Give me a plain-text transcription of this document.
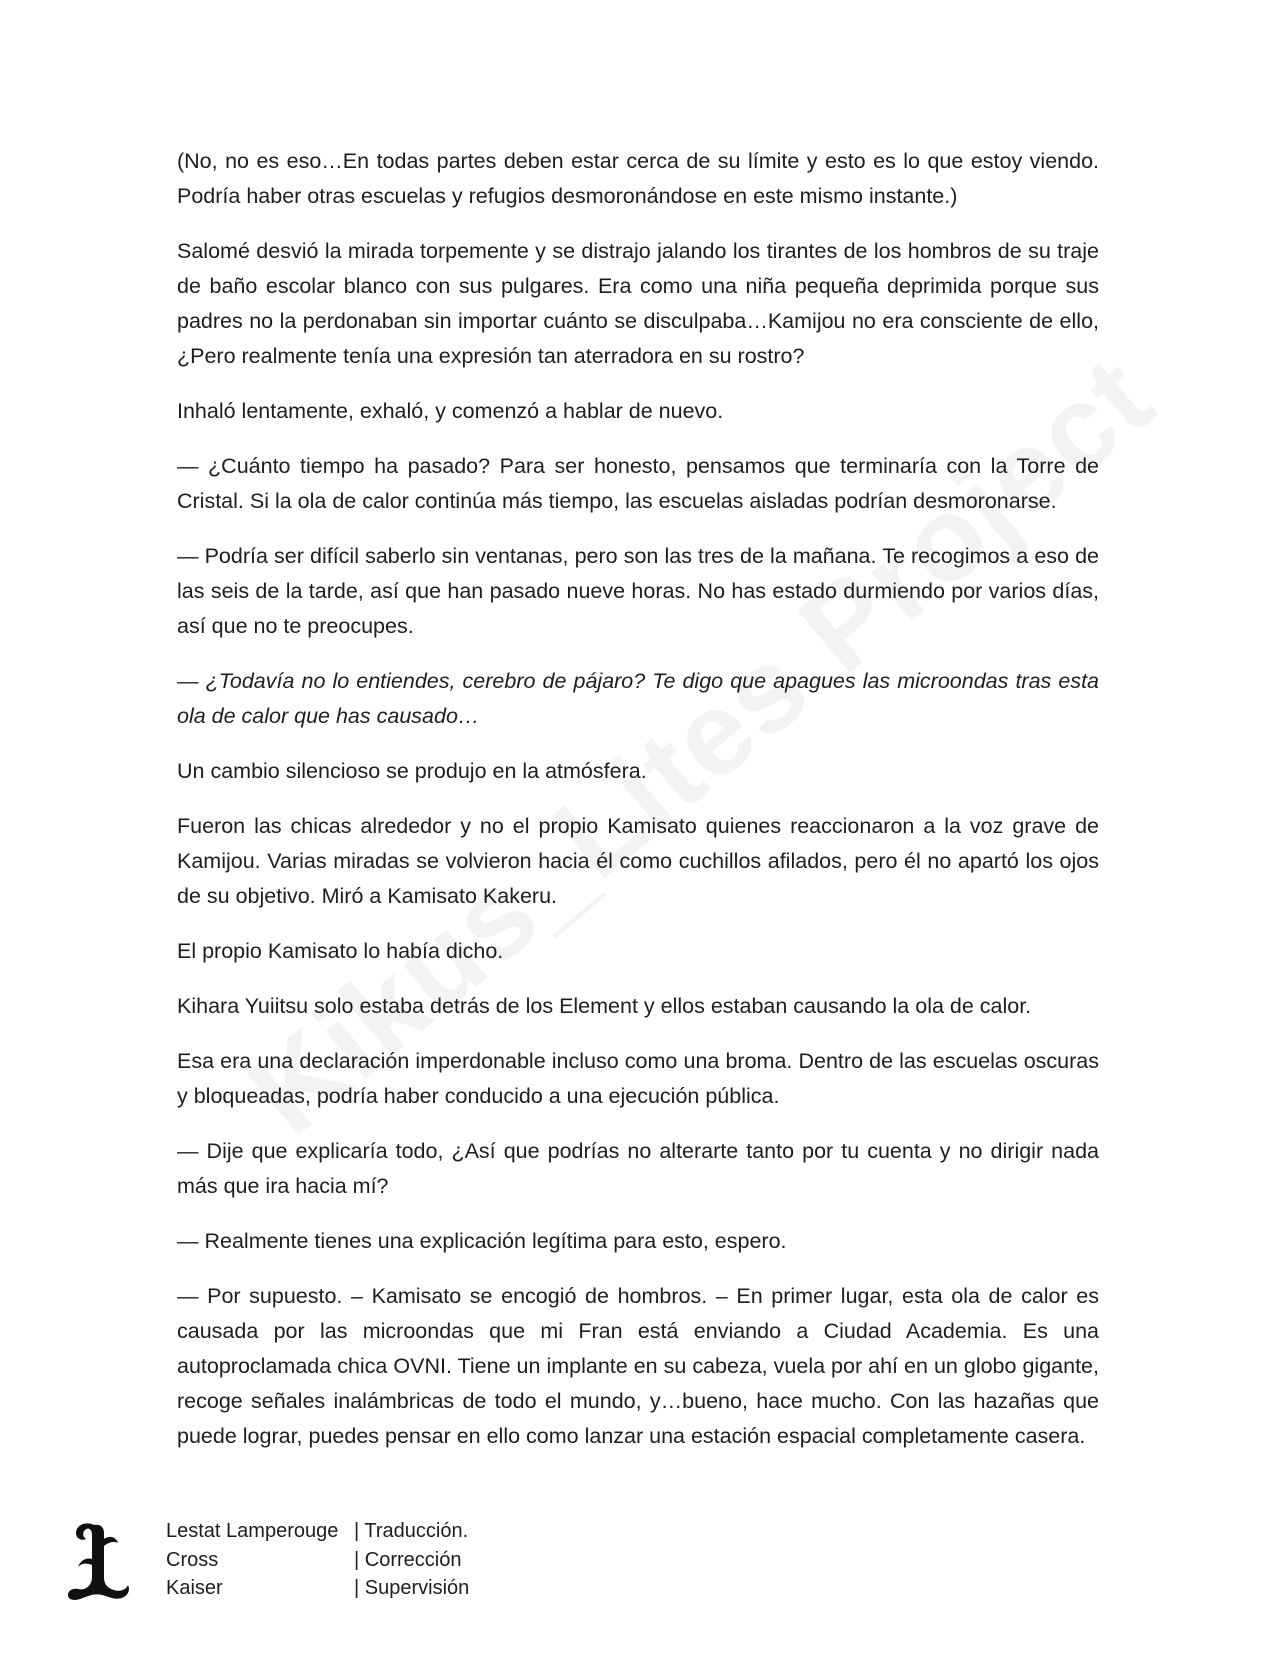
(No, no es eso…En todas partes deben estar cerca de su límite y esto es lo que estoy viendo. Podría haber otras escuelas y refugios desmoronándose en este mismo instante.)

Salomé desvió la mirada torpemente y se distrajo jalando los tirantes de los hombros de su traje de baño escolar blanco con sus pulgares. Era como una niña pequeña deprimida porque sus padres no la perdonaban sin importar cuánto se disculpaba…Kamijou no era consciente de ello, ¿Pero realmente tenía una expresión tan aterradora en su rostro?

Inhaló lentamente, exhaló, y comenzó a hablar de nuevo.

— ¿Cuánto tiempo ha pasado? Para ser honesto, pensamos que terminaría con la Torre de Cristal. Si la ola de calor continúa más tiempo, las escuelas aisladas podrían desmoronarse.

— Podría ser difícil saberlo sin ventanas, pero son las tres de la mañana. Te recogimos a eso de las seis de la tarde, así que han pasado nueve horas. No has estado durmiendo por varios días, así que no te preocupes.

— ¿Todavía no lo entiendes, cerebro de pájaro? Te digo que apagues las microondas tras esta ola de calor que has causado…

Un cambio silencioso se produjo en la atmósfera.

Fueron las chicas alrededor y no el propio Kamisato quienes reaccionaron a la voz grave de Kamijou. Varias miradas se volvieron hacia él como cuchillos afilados, pero él no apartó los ojos de su objetivo. Miró a Kamisato Kakeru.

El propio Kamisato lo había dicho.

Kihara Yuiitsu solo estaba detrás de los Element y ellos estaban causando la ola de calor.

Esa era una declaración imperdonable incluso como una broma. Dentro de las escuelas oscuras y bloqueadas, podría haber conducido a una ejecución pública.

— Dije que explicaría todo, ¿Así que podrías no alterarte tanto por tu cuenta y no dirigir nada más que ira hacia mí?

— Realmente tienes una explicación legítima para esto, espero.

— Por supuesto. – Kamisato se encogió de hombros. – En primer lugar, esta ola de calor es causada por las microondas que mi Fran está enviando a Ciudad Academia. Es una autoproclamada chica OVNI. Tiene un implante en su cabeza, vuela por ahí en un globo gigante, recoge señales inalámbricas de todo el mundo, y…bueno, hace mucho. Con las hazañas que puede lograr, puedes pensar en ello como lanzar una estación espacial completamente casera.

Lestat Lamperouge | Traducción.
Cross	| Corrección
Kaiser	| Supervisión
